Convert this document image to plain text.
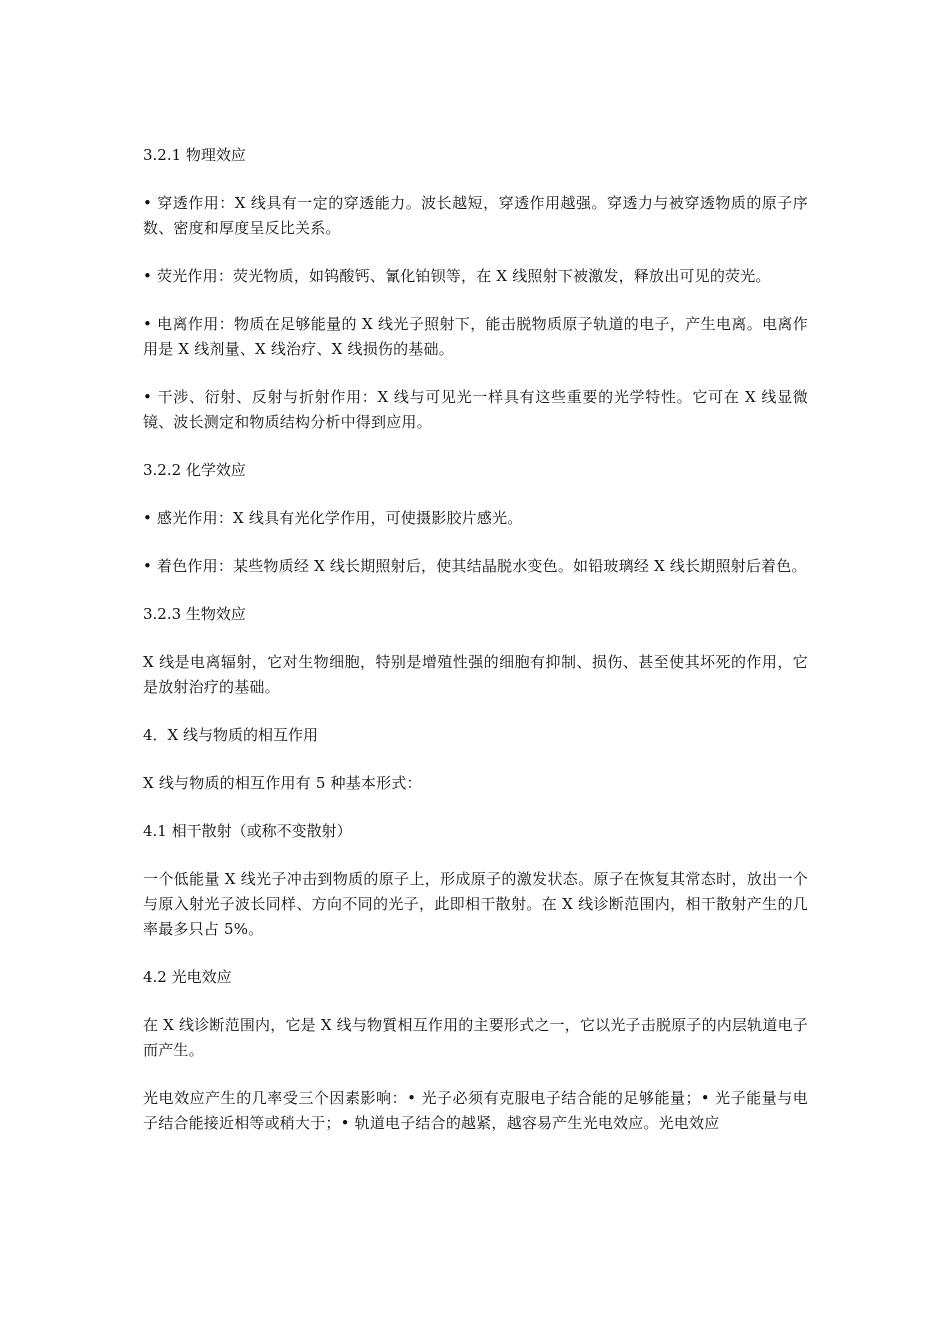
3.2.1 物理效应
• 穿透作用：X 线具有一定的穿透能力。波长越短，穿透作用越强。穿透力与被穿透物质的原子序数、密度和厚度呈反比关系。
• 荧光作用：荧光物质，如钨酸钙、氰化铂钡等，在 X 线照射下被激发，释放出可见的荧光。
• 电离作用：物质在足够能量的 X 线光子照射下，能击脱物质原子轨道的电子，产生电离。电离作用是 X 线剂量、X 线治疗、X 线损伤的基础。
• 干涉、衍射、反射与折射作用：X 线与可见光一样具有这些重要的光学特性。它可在 X 线显微镜、波长测定和物质结构分析中得到应用。
3.2.2 化学效应
• 感光作用：X 线具有光化学作用，可使摄影胶片感光。
• 着色作用：某些物质经 X 线长期照射后，使其结晶脱水变色。如铅玻璃经 X 线长期照射后着色。
3.2.3 生物效应
X 线是电离辐射，它对生物细胞，特别是增殖性强的细胞有抑制、损伤、甚至使其坏死的作用，它是放射治疗的基础。
4．X 线与物质的相互作用
X 线与物质的相互作用有 5 种基本形式：
4.1 相干散射（或称不变散射）
一个低能量 X 线光子冲击到物质的原子上，形成原子的激发状态。原子在恢复其常态时，放出一个与原入射光子波长同样、方向不同的光子，此即相干散射。在 X 线诊断范围内，相干散射产生的几率最多只占 5%。
4.2 光电效应
在 X 线诊断范围内，它是 X 线与物質相互作用的主要形式之一，它以光子击脱原子的内层轨道电子而产生。
光电效应产生的几率受三个因素影响：• 光子必须有克服电子结合能的足够能量；• 光子能量与电子结合能接近相等或稍大于；• 轨道电子结合的越紧，越容易产生光电效应。光电效应
